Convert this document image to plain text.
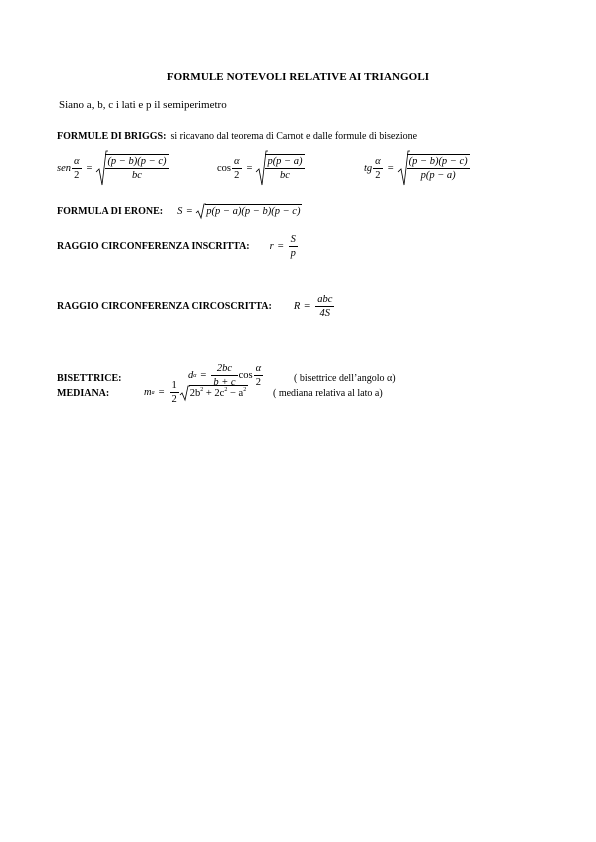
FORMULE NOTEVOLI RELATIVE AI TRIANGOLI
Siano a, b, c i lati e p il semiperimetro
FORMULE DI BRIGGS: si ricavano dal teorema di Carnot e dalle formule di bisezione
sen $\frac{\alpha}{2} = \frac{(p - b)(p - c)}{bc}$	$\cos \frac{\alpha}{2} = \frac{p(p - a)}{bc}$	tg $\frac{\alpha}{2} = \frac{(p - b)(p - c)}{p(p - a)}$
FORMULA DI ERONE: S = p(p − a)(p − b)(p − c)
RAGGIO CIRCONFERENZA INSCRITTA: $r = \frac{S}{p}$
RAGGIO CIRCONFERENZA CIRCOSCRITTA: $R = \frac{\text{abc}}{4S}$
BISETTRICE:	d $\alpha = \frac{2bc}{b + c}$ $\cos \frac{\alpha}{2}$	( bisettrice dell’angolo α)
MEDIANA:	m $a = \frac{1}{2} 2b^2 + 2c^2 - a^2$	( mediana relativa al lato a)
